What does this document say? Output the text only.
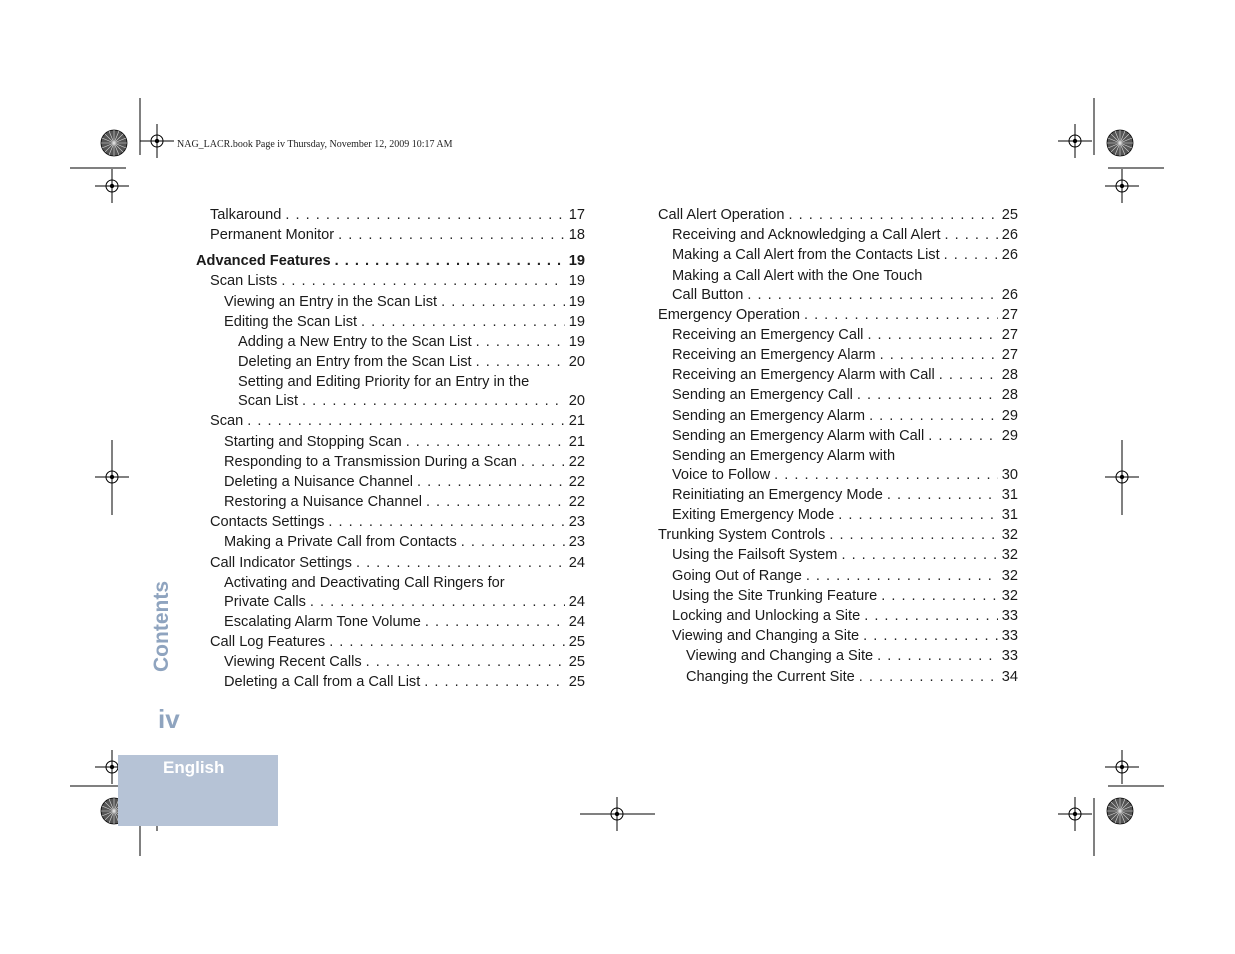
NAG_LACR.book Page iv Thursday, November 12, 2009 10:17 AM
Talkaround . . .	17
Permanent Monitor . . .	18
Advanced Features . . .	19
Scan Lists . . .	19
Viewing an Entry in the Scan List . . .	19
Editing the Scan List . . .	19
Adding a New Entry to the Scan List . . .	19
Deleting an Entry from the Scan List . . .	20
Setting and Editing Priority for an Entry in the
Scan List . . .	20
Scan . . .	21
Starting and Stopping Scan . . .	21
Responding to a Transmission During a Scan . . .	22
Deleting a Nuisance Channel . . .	22
Restoring a Nuisance Channel . . .	22
Contacts Settings . . .	23
Making a Private Call from Contacts . . .	23
Call Indicator Settings . . .	24
Activating and Deactivating Call Ringers for
Private Calls . . .	24
Escalating Alarm Tone Volume . . .	24
Call Log Features . . .	25
Viewing Recent Calls . . .	25
Deleting a Call from a Call List . . .	25
Call Alert Operation . . .	25
Receiving and Acknowledging a Call Alert . . .	26
Making a Call Alert from the Contacts List . . .	26
Making a Call Alert with the One Touch
Call Button . . .	26
Emergency Operation . . .	27
Receiving an Emergency Call . . .	27
Receiving an Emergency Alarm . . .	27
Receiving an Emergency Alarm with Call . . .	28
Sending an Emergency Call . . .	28
Sending an Emergency Alarm . . .	29
Sending an Emergency Alarm with Call . . .	29
Sending an Emergency Alarm with
Voice to Follow . . .	30
Reinitiating an Emergency Mode . . .	31
Exiting Emergency Mode . . .	31
Trunking System Controls . . .	32
Using the Failsoft System . . .	32
Going Out of Range . . .	32
Using the Site Trunking Feature . . .	32
Locking and Unlocking a Site . . .	33
Viewing and Changing a Site . . .	33
Viewing and Changing a Site . . .	33
Changing the Current Site . . .	34
English
Contents
iv
